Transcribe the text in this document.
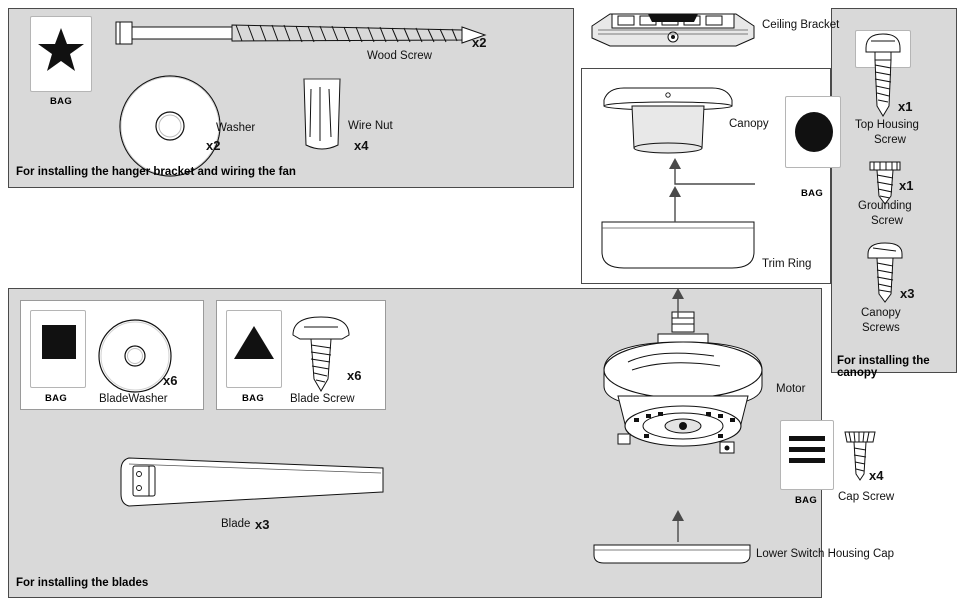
BAG
x2
Wood Screw
Washer
x2
Wire Nut
x4
For installing the hanger bracket and wiring the fan
Ceiling Bracket
Canopy
BAG
Trim Ring
x1
Top Housing
Screw
x1
Grounding
Screw
x3
Canopy
Screws
For installing the canopy
BAG
x6
BladeWasher	BAG
x6
Blade Screw
Blade x3
Motor
BAG
x4
Cap Screw
Lower Switch Housing Cap
For installing the blades
